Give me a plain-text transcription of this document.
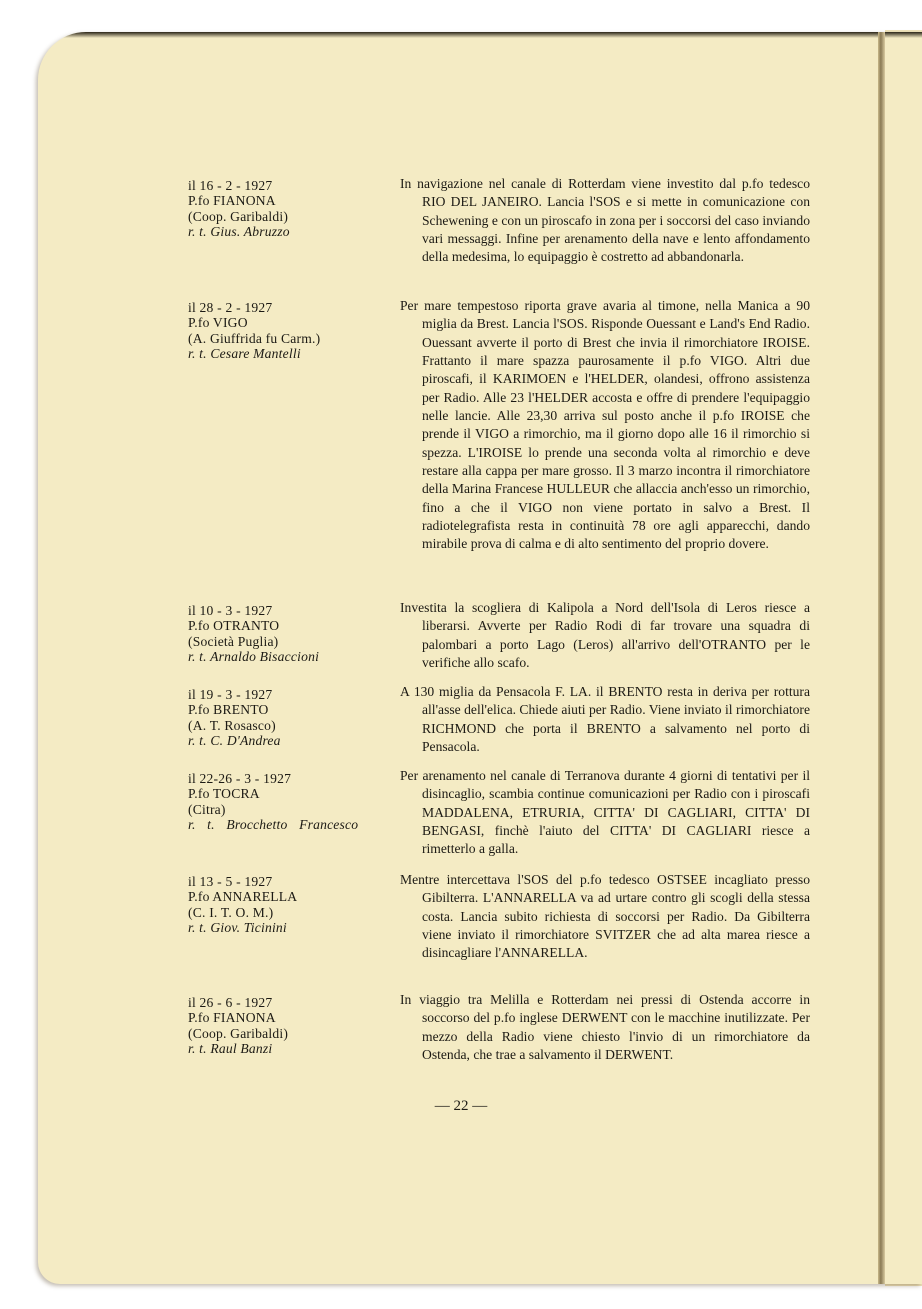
il 16 - 2 - 1927
P.fo FIANONA
(Coop. Garibaldi)
r. t. Gius. Abruzzo

In navigazione nel canale di Rotterdam viene investito dal p.fo tedesco RIO DEL JANEIRO. Lancia l'SOS e si mette in comunicazione con Schewening e con un piroscafo in zona per i soccorsi del caso inviando vari messaggi. Infine per arenamento della nave e lento affondamento della medesima, lo equipaggio è costretto ad abbandonarla.

il 28 - 2 - 1927
P.fo VIGO
(A. Giuffrida fu Carm.)
r. t. Cesare Mantelli

Per mare tempestoso riporta grave avaria al timone, nella Manica a 90 miglia da Brest. Lancia l'SOS. Risponde Ouessant e Land's End Radio. Ouessant avverte il porto di Brest che invia il rimorchiatore IROISE. Frattanto il mare spazza paurosamente il p.fo VIGO. Altri due piroscafi, il KARIMOEN e l'HELDER, olandesi, offrono assistenza per Radio. Alle 23 l'HELDER accosta e offre di prendere l'equipaggio nelle lancie. Alle 23,30 arriva sul posto anche il p.fo IROISE che prende il VIGO a rimorchio, ma il giorno dopo alle 16 il rimorchio si spezza. L'IROISE lo prende una seconda volta al rimorchio e deve restare alla cappa per mare grosso. Il 3 marzo incontra il rimorchiatore della Marina Francese HULLEUR che allaccia anch'esso un rimorchio, fino a che il VIGO non viene portato in salvo a Brest. Il radiotelegrafista resta in continuità 78 ore agli apparecchi, dando mirabile prova di calma e di alto sentimento del proprio dovere.

il 10 - 3 - 1927
P.fo OTRANTO
(Società Puglia)
r. t. Arnaldo Bisaccioni

Investita la scogliera di Kalipola a Nord dell'Isola di Leros riesce a liberarsi. Avverte per Radio Rodi di far trovare una squadra di palombari a porto Lago (Leros) all'arrivo dell'OTRANTO per le verifiche allo scafo.

il 19 - 3 - 1927
P.fo BRENTO
(A. T. Rosasco)
r. t. C. D'Andrea

A 130 miglia da Pensacola F. LA. il BRENTO resta in deriva per rottura all'asse dell'elica. Chiede aiuti per Radio. Viene inviato il rimorchiatore RICHMOND che porta il BRENTO a salvamento nel porto di Pensacola.

il 22-26 - 3 - 1927
P.fo TOCRA
(Citra)
r. t. Brocchetto Francesco

Per arenamento nel canale di Terranova durante 4 giorni di tentativi per il disincaglio, scambia continue comunicazioni per Radio con i piroscafi MADDALENA, ETRURIA, CITTA' DI CAGLIARI, CITTA' DI BENGASI, finchè l'aiuto del CITTA' DI CAGLIARI riesce a rimetterlo a galla.

il 13 - 5 - 1927
P.fo ANNARELLA
(C. I. T. O. M.)
r. t. Giov. Ticinini

Mentre intercettava l'SOS del p.fo tedesco OSTSEE incagliato presso Gibilterra. L'ANNARELLA va ad urtare contro gli scogli della stessa costa. Lancia subito richiesta di soccorsi per Radio. Da Gibilterra viene inviato il rimorchiatore SVITZER che ad alta marea riesce a disincagliare l'ANNARELLA.

il 26 - 6 - 1927
P.fo FIANONA
(Coop. Garibaldi)
r. t. Raul Banzi

In viaggio tra Melilla e Rotterdam nei pressi di Ostenda accorre in soccorso del p.fo inglese DERWENT con le macchine inutilizzate. Per mezzo della Radio viene chiesto l'invio di un rimorchiatore da Ostenda, che trae a salvamento il DERWENT.

— 22 —
